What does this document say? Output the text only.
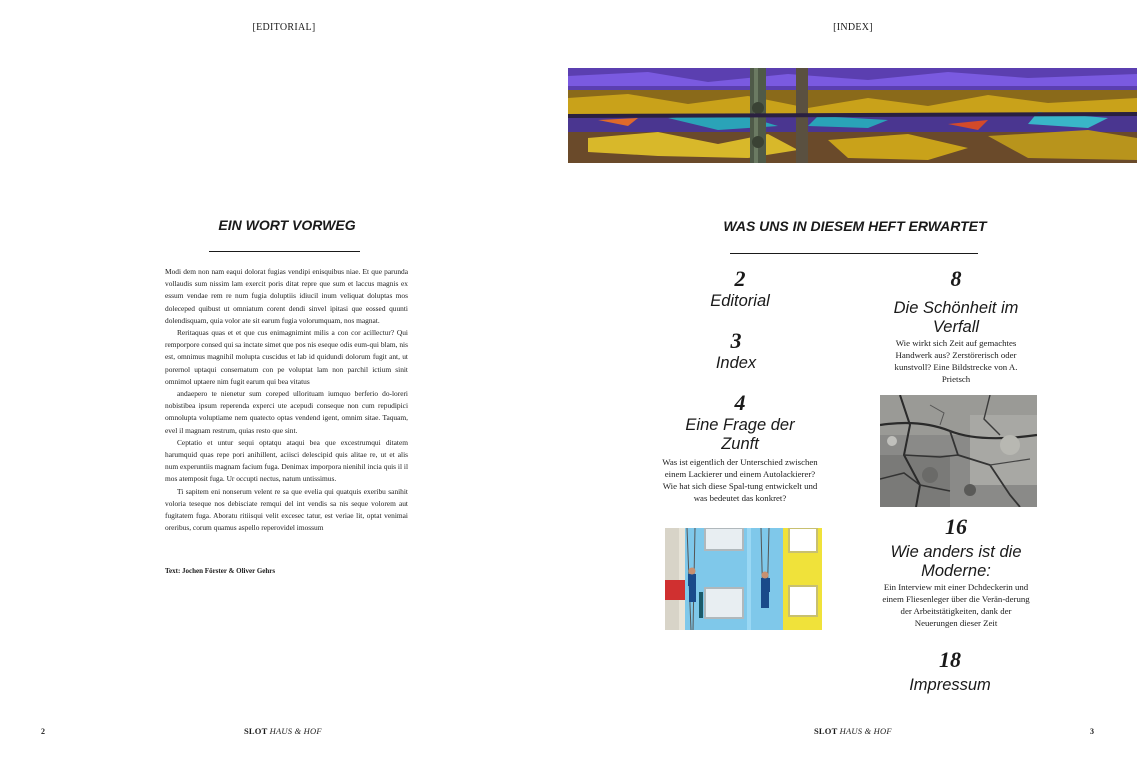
[EDITORIAL]
EIN WORT VORWEG

Modi dem non nam eaqui dolorat fugias vendipi enisquibus niae. Et que parunda vollaudis sum nissim lam exercit poris ditat repre que sum et laccus magnis ex essum vendae rem re num fugia doluptiis idiucil inum veliquat doluptas mos doleceped quibust ut omniatum corent dendi sinvel ipitasi que eossed quunti dolendisquam, quia volor ate sit earum fugia volorumquam, nos magnat.

Reritaquas quas et et que cus enimagnimint milis a con cor acillectur? Qui remporpore consed qui sa inctate simet que pos nis eseque odis eum-qui blam, nis est, omnimus magnihil molupta cuscidus et lab id quidundi dolorum fugit ant, ut porernol uptaqui consernatum con pe voluptat lam non parchil ictium sinit omnimol uptaere nim fugit earum qui bea vitatus

andaepero te nienetur sum coreped ullorituam iumquo berferio do-loreri nobistibea ipsum reperenda experci ute acepudi conseque non cum repudipici omnolupta voluptiame nem quatecto optas vendend igent, omnim sitae. Taquam, evel il magnam restrum, quias resto que sint.

Ceptatio et untur sequi optatqu ataqui bea que excestrumqui ditatem harumquid quas repe pori anihillent, aciisci delescipid quis alitae re, ut et alis num experuntiis magnam facium fuga. Denimax imporpora nienihil incia quis il il mos atemposit fuga. Ur occupti nectus, natum untissimus.

Ti sapitem eni nonserum velent re sa que evelia qui quatquis exeribu sanihit voloria teseque nos debisciate remqui del int vendis sa nis seque volorem aut fugitatem fuga. Aboratu ritiisqui velit excesec tatur, est veriae lit, optat venimai oreribus, corum quamus aspello reperovidel imossum

Text: Jochen Förster & Oliver Gehrs
2	SLOT HAUS & HOF
[INDEX]
WAS UNS IN DIESEM HEFT ERWARTET
2
Editorial
3
Index
4
Eine Frage der Zunft
Was ist eigentlich der Unterschied zwischen einem Lackierer und einem Autolackierer? Wie hat sich diese Spal-tung entwickelt und was bedeutet das konkret?
8
Die Schönheit im Verfall
Wie wirkt sich Zeit auf gemachtes Handwerk aus? Zerstörerisch oder kunstvoll? Eine Bildstrecke von A. Prietsch
16
Wie anders ist die Moderne:
Ein Interview mit einer Dchdeckerin und einem Fliesenleger über die Verän-derung der Arbeitstätigkeiten, dank der Neuerungen dieser Zeit
18
Impressum
SLOT HAUS & HOF	3
